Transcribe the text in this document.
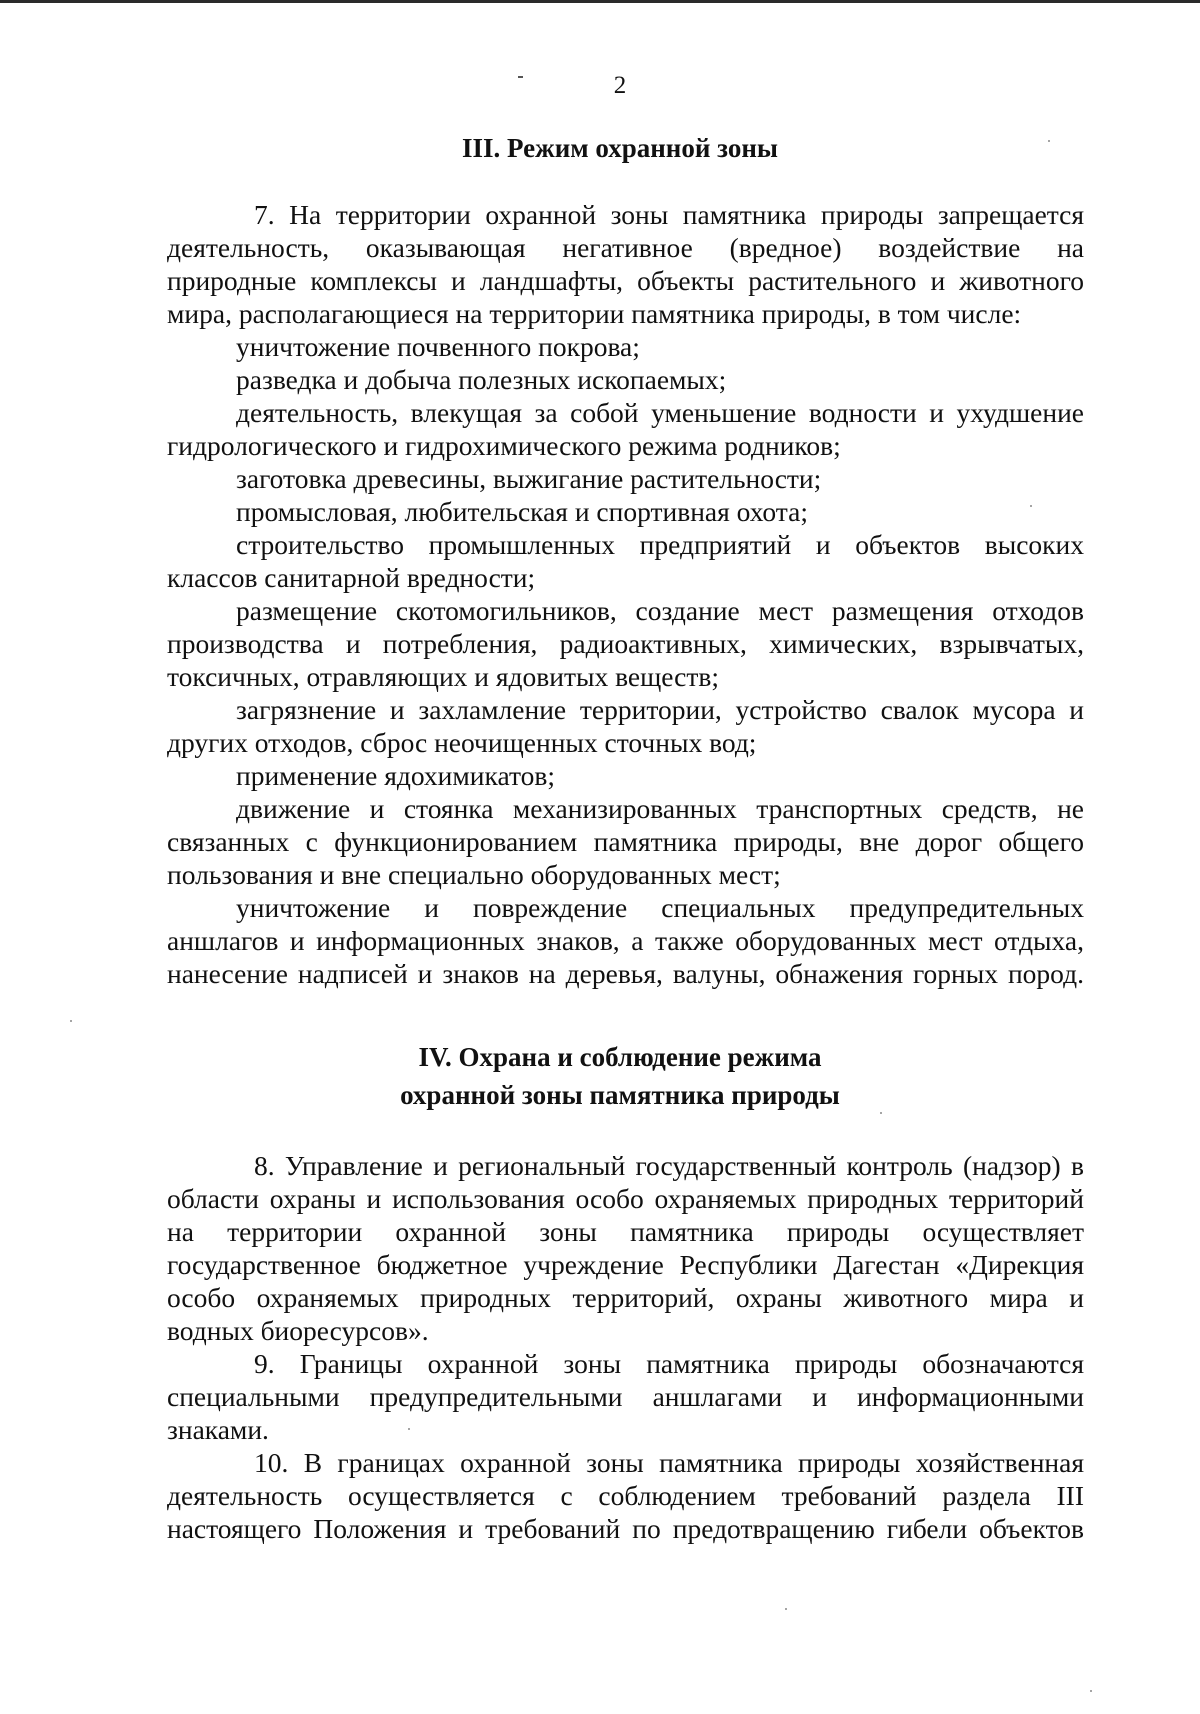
2
III. Режим охранной зоны
7. На территории охранной зоны памятника природы запрещается
деятельность, оказывающая негативное (вредное) воздействие на
природные комплексы и ландшафты, объекты растительного и животного
мира, располагающиеся на территории памятника природы, в том числе:
уничтожение почвенного покрова;
разведка и добыча полезных ископаемых;
деятельность, влекущая за собой уменьшение водности и ухудшение
гидрологического и гидрохимического режима родников;
заготовка древесины, выжигание растительности;
промысловая, любительская и спортивная охота;
строительство промышленных предприятий и объектов высоких
классов санитарной вредности;
размещение скотомогильников, создание мест размещения отходов
производства и потребления, радиоактивных, химических, взрывчатых,
токсичных, отравляющих и ядовитых веществ;
загрязнение и захламление территории, устройство свалок мусора и
других отходов, сброс неочищенных сточных вод;
применение ядохимикатов;
движение и стоянка механизированных транспортных средств, не
связанных с функционированием памятника природы, вне дорог общего
пользования и вне специально оборудованных мест;
уничтожение и повреждение специальных предупредительных
аншлагов и информационных знаков, а также оборудованных мест отдыха,
нанесение надписей и знаков на деревья, валуны, обнажения горных пород.
IV. Охрана и соблюдение режима
охранной зоны памятника природы
8. Управление и региональный государственный контроль (надзор) в
области охраны и использования особо охраняемых природных территорий
на территории охранной зоны памятника природы осуществляет
государственное бюджетное учреждение Республики Дагестан «Дирекция
особо охраняемых природных территорий, охраны животного мира и
водных биоресурсов».
9. Границы охранной зоны памятника природы обозначаются
специальными предупредительными аншлагами и информационными
знаками.
10. В границах охранной зоны памятника природы хозяйственная
деятельность осуществляется с соблюдением требований раздела III
настоящего Положения и требований по предотвращению гибели объектов
